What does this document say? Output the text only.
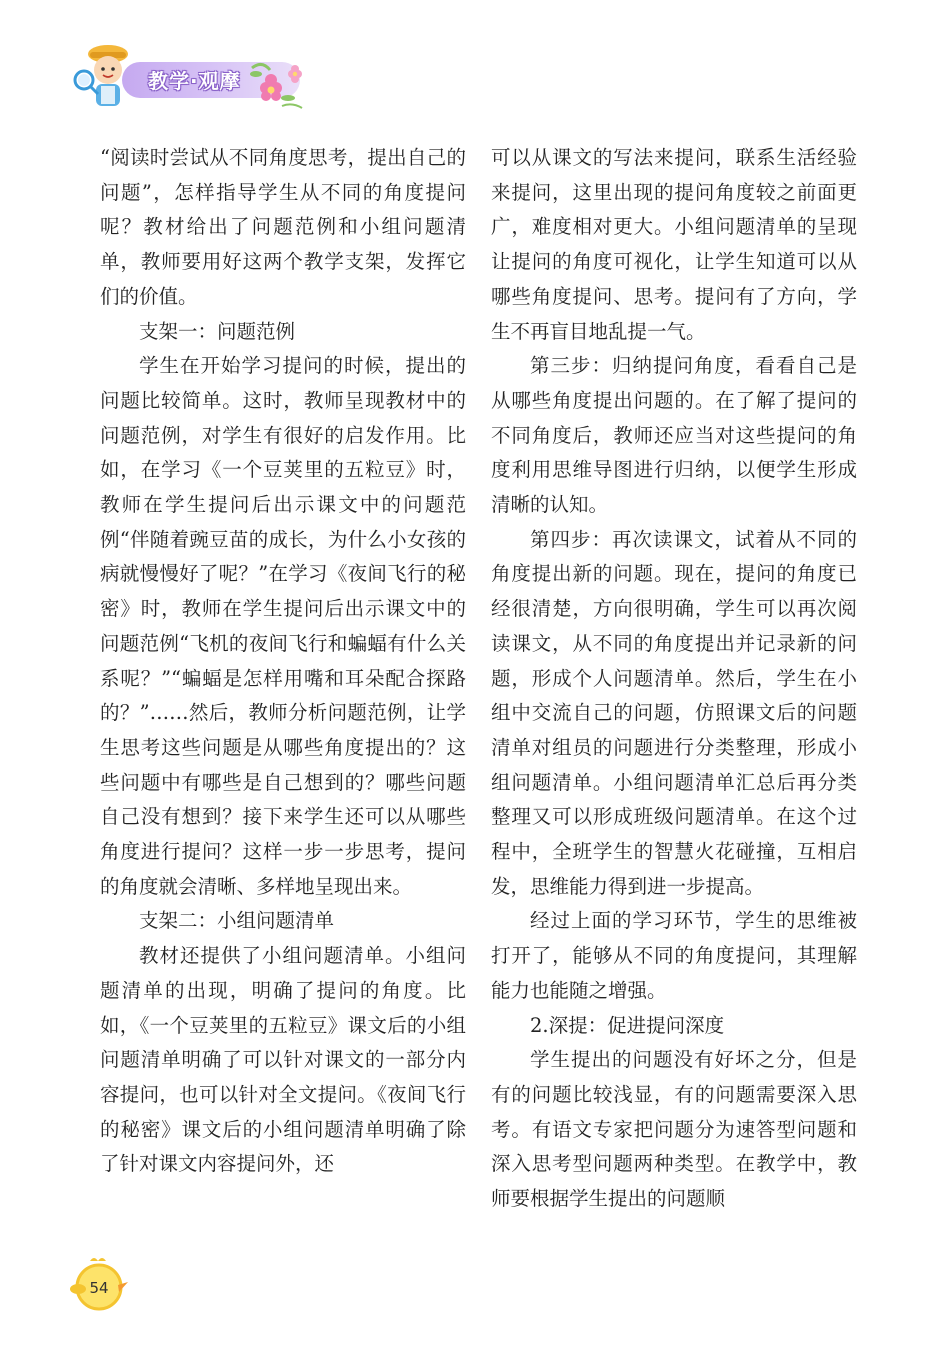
教学·观摩

“阅读时尝试从不同角度思考，提出自己的问题”，怎样指导学生从不同的角度提问呢？教材给出了问题范例和小组问题清单，教师要用好这两个教学支架，发挥它们的价值。

支架一：问题范例

学生在开始学习提问的时候，提出的问题比较简单。这时，教师呈现教材中的问题范例，对学生有很好的启发作用。比如，在学习《一个豆荚里的五粒豆》时，教师在学生提问后出示课文中的问题范例“伴随着豌豆苗的成长，为什么小女孩的病就慢慢好了呢？”在学习《夜间飞行的秘密》时，教师在学生提问后出示课文中的问题范例“飞机的夜间飞行和蝙蝠有什么关系呢？”“蝙蝠是怎样用嘴和耳朵配合探路的？”……然后，教师分析问题范例，让学生思考这些问题是从哪些角度提出的？这些问题中有哪些是自己想到的？哪些问题自己没有想到？接下来学生还可以从哪些角度进行提问？这样一步一步思考，提问的角度就会清晰、多样地呈现出来。

支架二：小组问题清单

教材还提供了小组问题清单。小组问题清单的出现，明确了提问的角度。比如，《一个豆荚里的五粒豆》课文后的小组问题清单明确了可以针对课文的一部分内容提问，也可以针对全文提问。《夜间飞行的秘密》课文后的小组问题清单明确了除了针对课文内容提问外，还

可以从课文的写法来提问，联系生活经验来提问，这里出现的提问角度较之前面更广，难度相对更大。小组问题清单的呈现让提问的角度可视化，让学生知道可以从哪些角度提问、思考。提问有了方向，学生不再盲目地乱提一气。

第三步：归纳提问角度，看看自己是从哪些角度提出问题的。在了解了提问的不同角度后，教师还应当对这些提问的角度利用思维导图进行归纳，以便学生形成清晰的认知。

第四步：再次读课文，试着从不同的角度提出新的问题。现在，提问的角度已经很清楚，方向很明确，学生可以再次阅读课文，从不同的角度提出并记录新的问题，形成个人问题清单。然后，学生在小组中交流自己的问题，仿照课文后的问题清单对组员的问题进行分类整理，形成小组问题清单。小组问题清单汇总后再分类整理又可以形成班级问题清单。在这个过程中，全班学生的智慧火花碰撞，互相启发，思维能力得到进一步提高。

经过上面的学习环节，学生的思维被打开了，能够从不同的角度提问，其理解能力也能随之增强。

2.深提：促进提问深度

学生提出的问题没有好坏之分，但是有的问题比较浅显，有的问题需要深入思考。有语文专家把问题分为速答型问题和深入思考型问题两种类型。在教学中，教师要根据学生提出的问题顺

54
